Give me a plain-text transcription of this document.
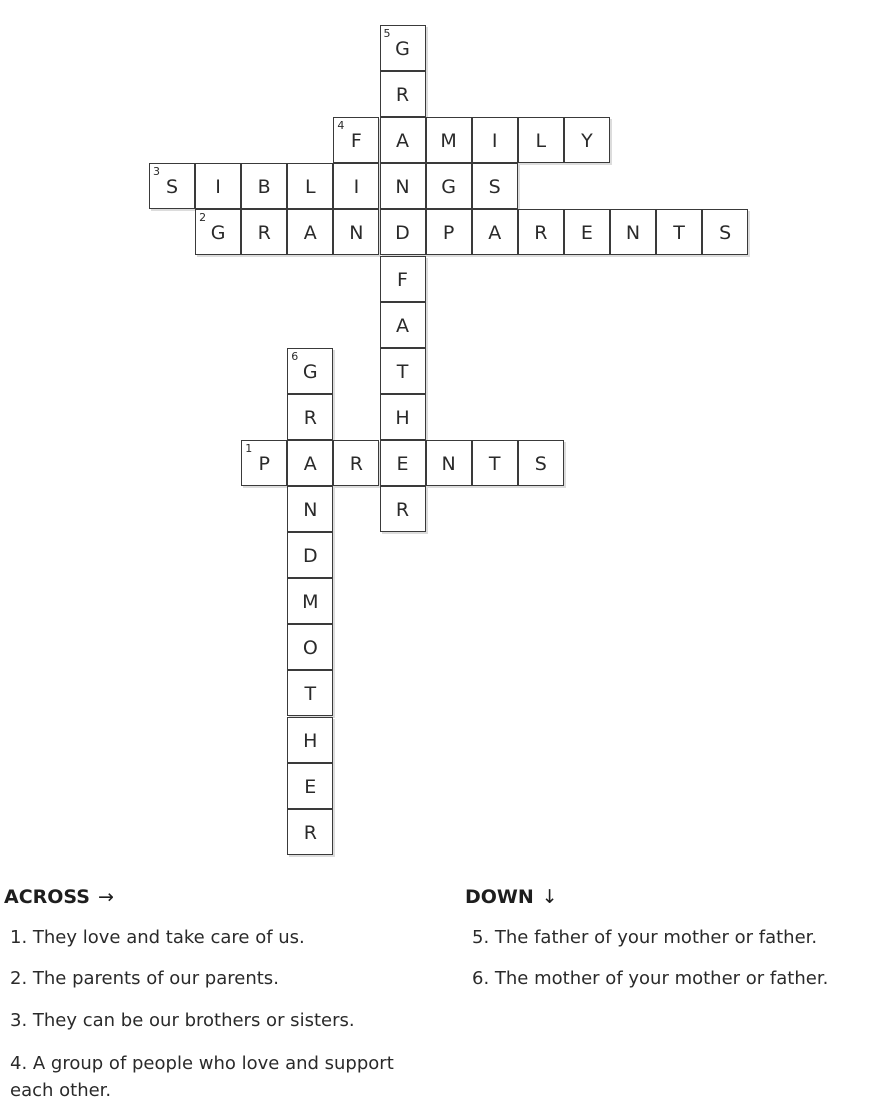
5
G
R
4
F	A	M	I	L	Y
3
S	I	B	L	I	N	G	S
2
G	R	A	N	D	P	A	R	E	N	T	S
F
A
6
G	T
R	H
1
P	A	R	E	N	T	S
N	R
D
M
O
T
H
E
R
ACROSS →
1. They love and take care of us.
2. The parents of our parents.
3. They can be our brothers or sisters.
4. A group of people who love and support each other.
DOWN ↓
5. The father of your mother or father.
6. The mother of your mother or father.
